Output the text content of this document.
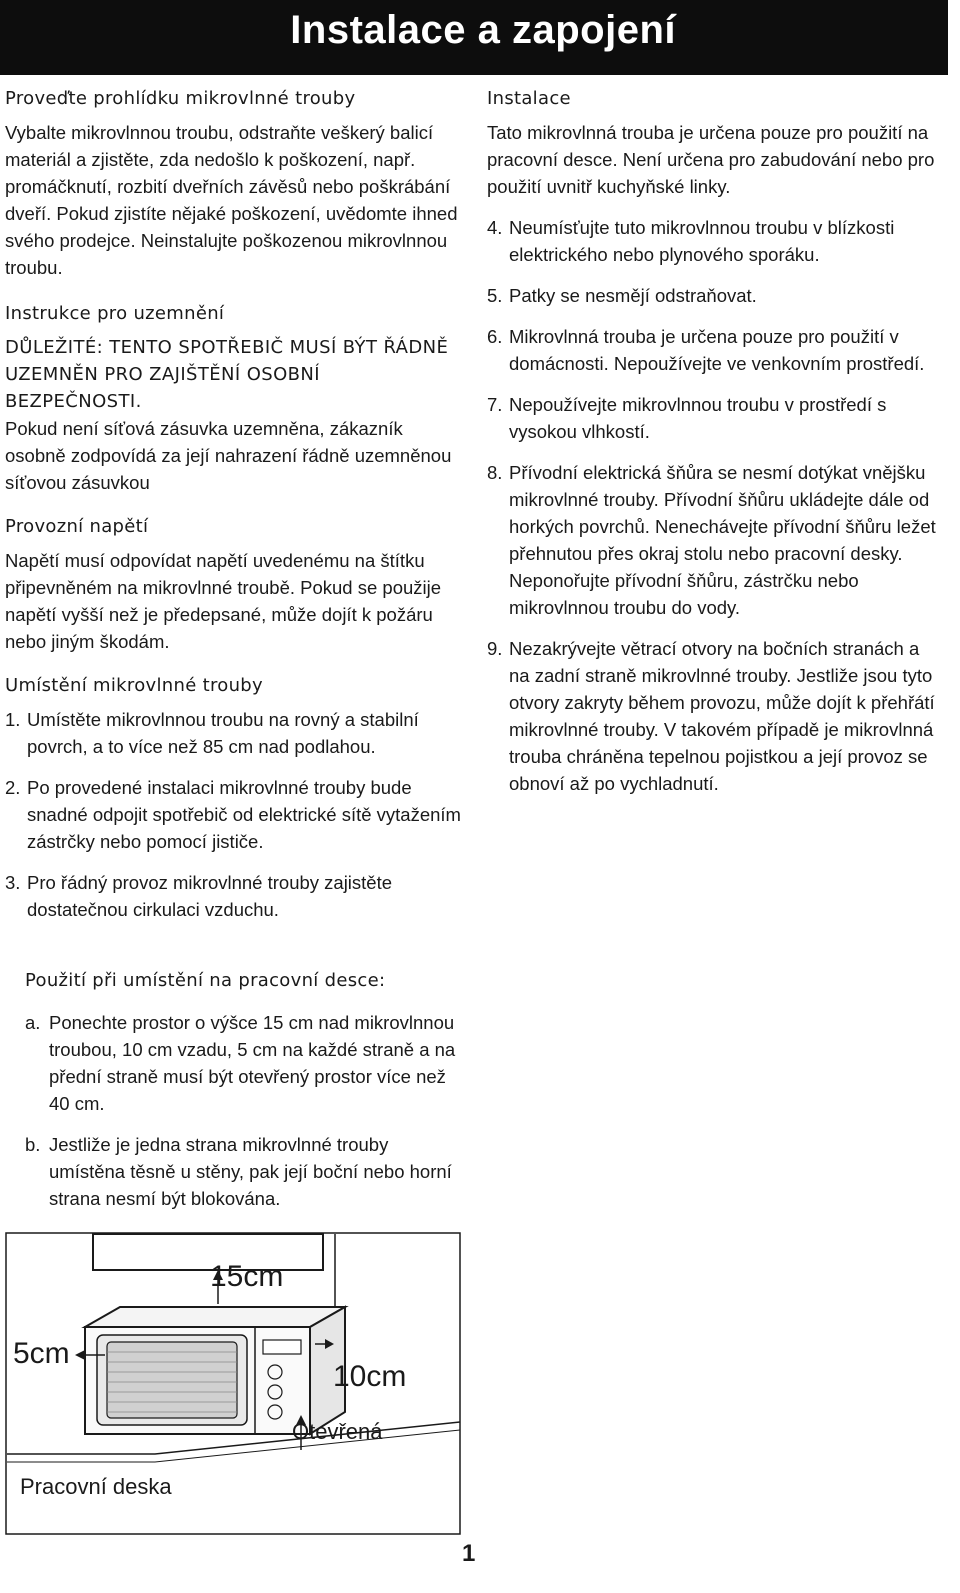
Instalace a zapojení

Proveďte prohlídku mikrovlnné trouby

Vybalte mikrovlnnou troubu, odstraňte veškerý balicí materiál a zjistěte, zda nedošlo k poškození, např. promáčknutí, rozbití dveřních závěsů nebo poškrábání dveří. Pokud zjistíte nějaké poškození, uvědomte ihned svého prodejce. Neinstalujte poškozenou mikrovlnnou troubu.

Instrukce pro uzemnění

DŮLEŽITÉ: TENTO SPOTŘEBIČ MUSÍ BÝT ŘÁDNĚ UZEMNĚN PRO ZAJIŠTĚNÍ OSOBNÍ BEZPEČNOSTI.

Pokud není síťová zásuvka uzemněna, zákazník osobně zodpovídá za její nahrazení řádně uzemněnou síťovou zásuvkou

Provozní napětí

Napětí musí odpovídat napětí uvedenému na štítku připevněném na mikrovlnné troubě. Pokud se použije napětí vyšší než je předepsané, může dojít k požáru nebo jiným škodám.

Umístění mikrovlnné trouby

1. Umístěte mikrovlnnou troubu na rovný a stabilní povrch, a to více než 85 cm nad podlahou.
2. Po provedené instalaci mikrovlnné trouby bude snadné odpojit spotřebič od elektrické sítě vytažením zástrčky nebo pomocí jističe.
3. Pro řádný provoz mikrovlnné trouby zajistěte dostatečnou cirkulaci vzduchu.

Použití při umístění na pracovní desce:

a. Ponechte prostor o výšce 15 cm nad mikrovlnnou troubou, 10 cm vzadu, 5 cm na každé straně a na přední straně musí být otevřený prostor více než 40 cm.
b. Jestliže je jedna strana mikrovlnné trouby umístěna těsně u stěny, pak její boční nebo horní strana nesmí být blokována.

Instalace

Tato mikrovlnná trouba je určena pouze pro použití na pracovní desce. Není určena pro zabudování nebo pro použití uvnitř kuchyňské linky.

4. Neumísťujte tuto mikrovlnnou troubu v blízkosti elektrického nebo plynového sporáku.
5. Patky se nesmějí odstraňovat.
6. Mikrovlnná trouba je určena pouze pro použití v domácnosti. Nepoužívejte ve venkovním prostředí.
7. Nepoužívejte mikrovlnnou troubu v prostředí s vysokou vlhkostí.
8. Přívodní elektrická šňůra se nesmí dotýkat vnějšku mikrovlnné trouby. Přívodní šňůru ukládejte dále od horkých povrchů. Nenechávejte přívodní šňůru ležet přehnutou přes okraj stolu nebo pracovní desky. Neponořujte přívodní šňůru, zástrčku nebo mikrovlnnou troubu do vody.
9. Nezakrývejte větrací otvory na bočních stranách a na zadní straně mikrovlnné trouby. Jestliže jsou tyto otvory zakryty během provozu, může dojít k přehřátí mikrovlnné trouby. V takovém případě je mikrovlnná trouba chráněna tepelnou pojistkou a její provoz se obnoví až po vychladnutí.
15cm
5cm
10cm
Otevřená
Pracovní deska
1
